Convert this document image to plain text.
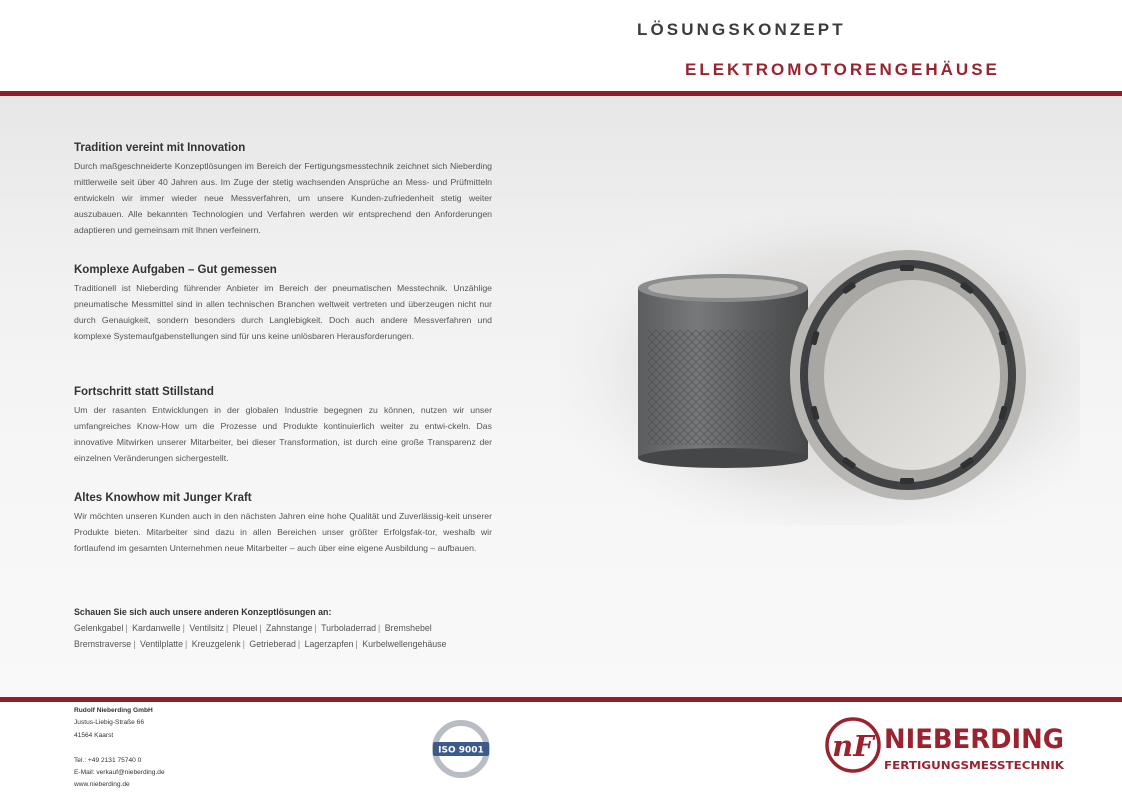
LÖSUNGSKONZEPT
ELEKTROMOTORENGEHÄUSE
Tradition vereint mit Innovation
Durch maßgeschneiderte Konzeptlösungen im Bereich der Fertigungsmesstechnik zeichnet sich Nieberding mittlerweile seit über 40 Jahren aus. Im Zuge der stetig wachsenden Ansprüche an Mess- und Prüfmitteln entwickeln wir immer wieder neue Messverfahren, um unsere Kunden-zufriedenheit stetig weiter auszubauen. Alle bekannten Technologien und Verfahren werden wir entsprechend den Anforderungen adaptieren und gemeinsam mit Ihnen verfeinern.
Komplexe Aufgaben – Gut gemessen
Traditionell ist Nieberding führender Anbieter im Bereich der pneumatischen Messtechnik. Unzählige pneumatische Messmittel sind in allen technischen Branchen weltweit vertreten und überzeugen nicht nur durch Genauigkeit, sondern besonders durch Langlebigkeit. Doch auch andere Messverfahren und komplexe Systemaufgabenstellungen sind für uns keine unlösbaren Herausforderungen.
Fortschritt statt Stillstand
Um der rasanten Entwicklungen in der globalen Industrie begegnen zu können, nutzen wir unser umfangreiches Know-How um die Prozesse und Produkte kontinuierlich weiter zu entwi-ckeln. Das innovative Mitwirken unserer Mitarbeiter, bei dieser Transformation, ist durch eine große Transparenz der einzelnen Veränderungen sichergestellt.
Altes Knowhow mit Junger Kraft
Wir möchten unseren Kunden auch in den nächsten Jahren eine hohe Qualität und Zuverlässig-keit unserer Produkte bieten. Mitarbeiter sind dazu in allen Bereichen unser größter Erfolgsfak-tor, weshalb wir fortlaufend im gesamten Unternehmen neue Mitarbeiter – auch über eine eigene Ausbildung – aufbauen.
Schauen Sie sich auch unsere anderen Konzeptlösungen an:
Gelenkgabel | Kardanwelle | Ventilsitz | Pleuel | Zahnstange | Turboladerrad | Bremshebel
Bremstraverse | Ventilplatte | Kreuzgelenk | Getrieberad | Lagerzapfen | Kurbelwellengehäuse
Rudolf Nieberding GmbH
Justus-Liebig-Straße 66
41564 Kaarst
Tel.: +49 2131 75740 0
E-Mail: verkauf@nieberding.de
www.nieberding.de
ICG
zertifiziert
ISO 9001	nF NIEBERDING
FERTIGUNGSMESSTECHNIK
